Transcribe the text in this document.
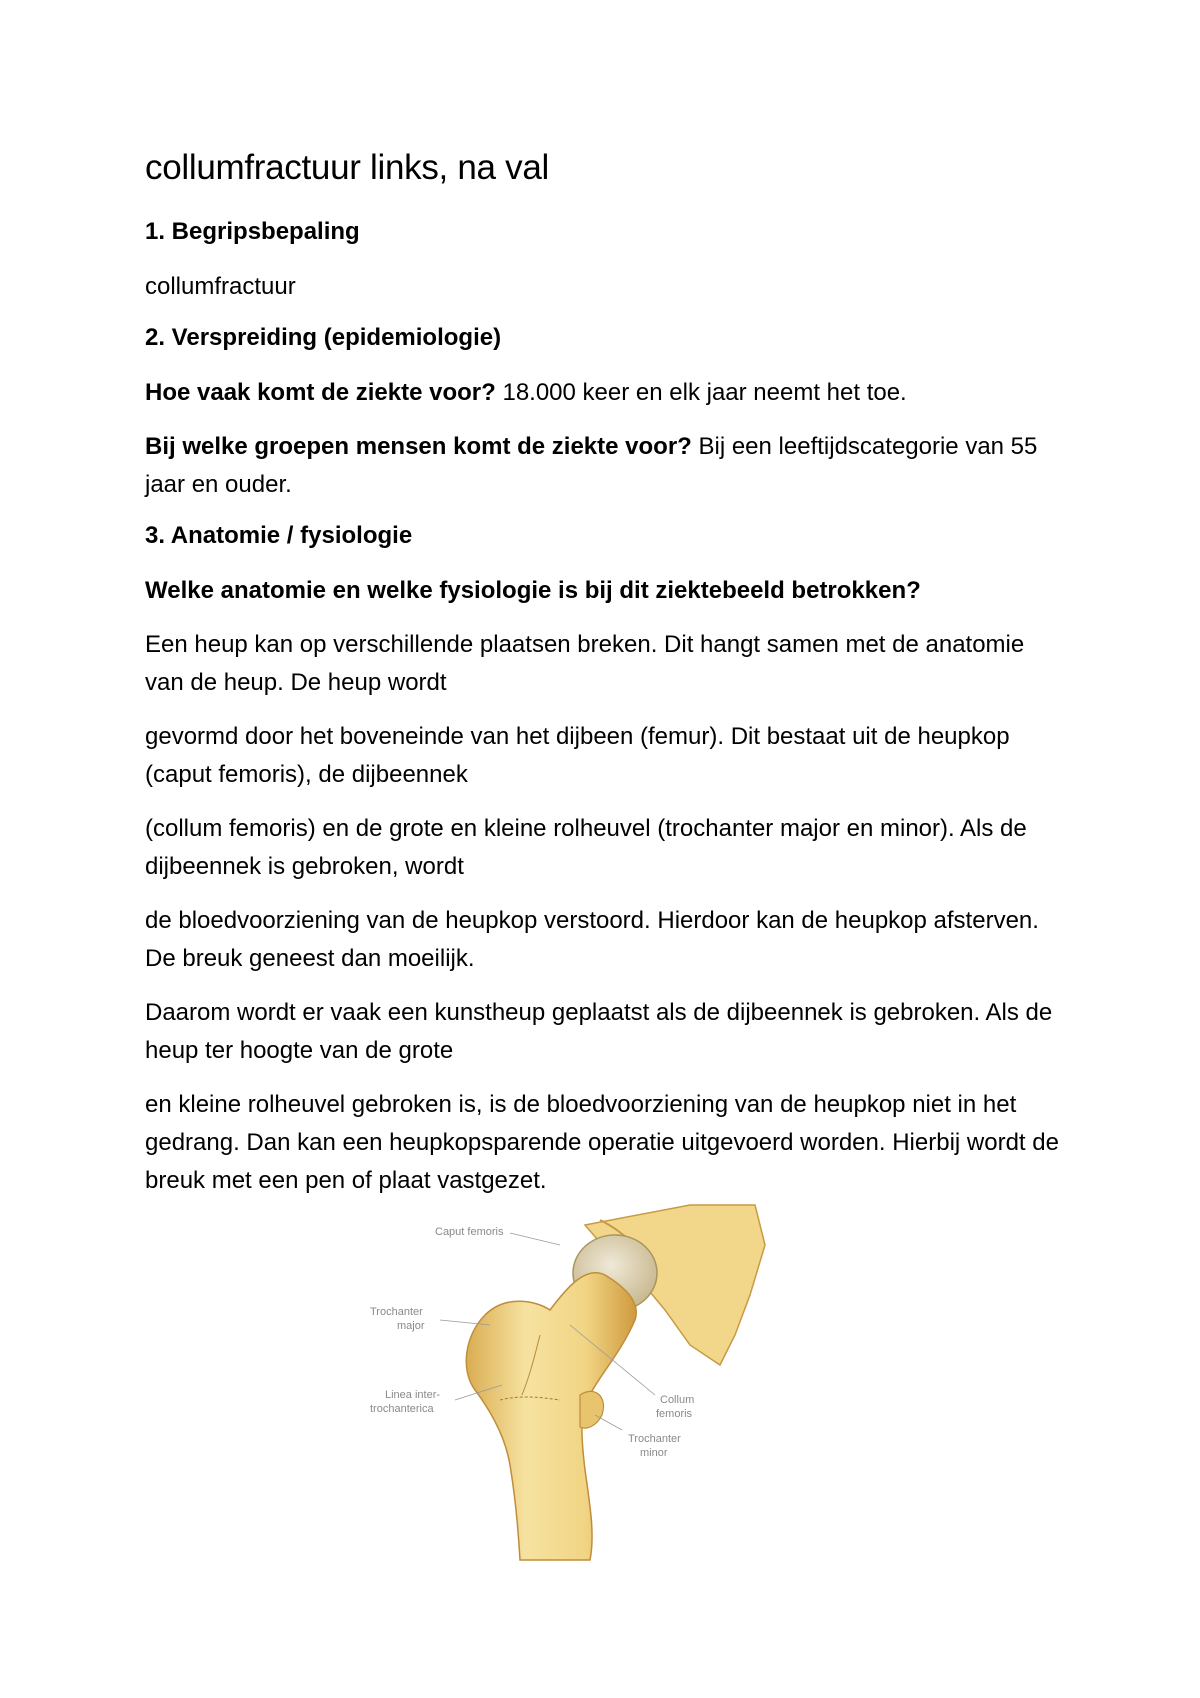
collumfractuur links, na val
1. Begripsbepaling

collumfractuur

2. Verspreiding (epidemiologie)

Hoe vaak komt de ziekte voor? 18.000 keer en elk jaar neemt het toe.

Bij welke groepen mensen komt de ziekte voor? Bij een leeftijdscategorie van 55 jaar en ouder.

3. Anatomie / fysiologie

Welke anatomie en welke fysiologie is bij dit ziektebeeld betrokken?

Een heup kan op verschillende plaatsen breken. Dit hangt samen met de anatomie van de heup. De heup wordt

gevormd door het boveneinde van het dijbeen (femur). Dit bestaat uit de heupkop (caput femoris), de dijbeennek

(collum femoris) en de grote en kleine rolheuvel (trochanter major en minor). Als de dijbeennek is gebroken, wordt

de bloedvoorziening van de heupkop verstoord. Hierdoor kan de heupkop afsterven. De breuk geneest dan moeilijk.

Daarom wordt er vaak een kunstheup geplaatst als de dijbeennek is gebroken. Als de heup ter hoogte van de grote

en kleine rolheuvel gebroken is, is de bloedvoorziening van de heupkop niet in het gedrang. Dan kan een heupkopsparende operatie uitgevoerd worden. Hierbij wordt de breuk met een pen of plaat vastgezet.

Caput femoris
Trochanter
major
Linea inter-
trochanterica
Collum
femoris
Trochanter
minor
